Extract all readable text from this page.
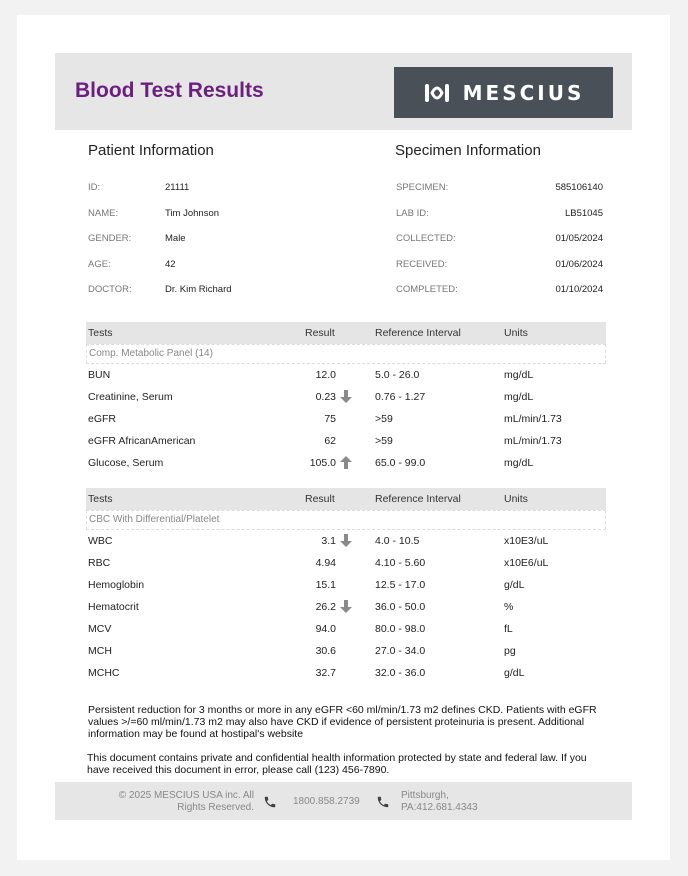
Blood Test Results	MESCIUS
Patient Information
ID:	21111
NAME:	Tim Johnson
GENDER:	Male
AGE:	42
DOCTOR:	Dr. Kim Richard
Specimen Information
SPECIMEN:	585106140
LAB ID:	LB51045
COLLECTED:	01/05/2024
RECEIVED:	01/06/2024
COMPLETED:	01/10/2024
Tests	Result	Reference Interval	Units
Comp. Metabolic Panel (14)
BUN	12.0	5.0 - 26.0	mg/dL
Creatinine, Serum	0.23	0.76 - 1.27	mg/dL
eGFR	75	>59	mL/min/1.73
eGFR AfricanAmerican	62	>59	mL/min/1.73
Glucose, Serum	105.0	65.0 - 99.0	mg/dL
Tests	Result	Reference Interval	Units
CBC With Differential/Platelet
WBC	3.1	4.0 - 10.5	x10E3/uL
RBC	4.94	4.10 - 5.60	x10E6/uL
Hemoglobin	15.1	12.5 - 17.0	g/dL
Hematocrit	26.2	36.0 - 50.0	%
MCV	94.0	80.0 - 98.0	fL
MCH	30.6	27.0 - 34.0	pg
MCHC	32.7	32.0 - 36.0	g/dL
Persistent reduction for 3 months or more in any eGFR <60 ml/min/1.73 m2 defines CKD. Patients with eGFR values >/=60 ml/min/1.73 m2 may also have CKD if evidence of persistent proteinuria is present. Additional information may be found at hostipal's website
This document contains private and confidential health information protected by state and federal law. If you have received this document in error, please call (123) 456-7890.
© 2025 MESCIUS USA inc. All
Rights Reserved.
1800.858.2739
Pittsburgh,
PA:412.681.4343
